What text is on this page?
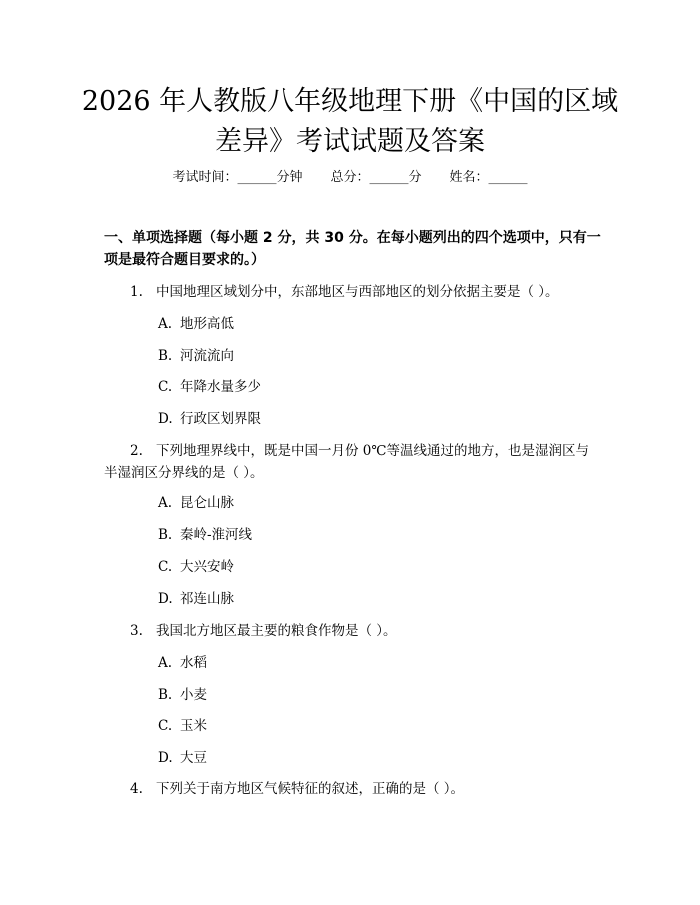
2026 年人教版八年级地理下册《中国的区域
差异》考试试题及答案
考试时间：______分钟 总分：______分 姓名：______
一、单项选择题（每小题 2 分，共 30 分。在每小题列出的四个选项中，只有一项是最符合题目要求的。）
1. 中国地理区域划分中，东部地区与西部地区的划分依据主要是（ ）。
A. 地形高低
B. 河流流向
C. 年降水量多少
D. 行政区划界限
2. 下列地理界线中，既是中国一月份 0℃等温线通过的地方，也是湿润区与
半湿润区分界线的是（ ）。
A. 昆仑山脉
B. 秦岭-淮河线
C. 大兴安岭
D. 祁连山脉
3. 我国北方地区最主要的粮食作物是（ ）。
A. 水稻
B. 小麦
C. 玉米
D. 大豆
4. 下列关于南方地区气候特征的叙述，正确的是（ ）。
